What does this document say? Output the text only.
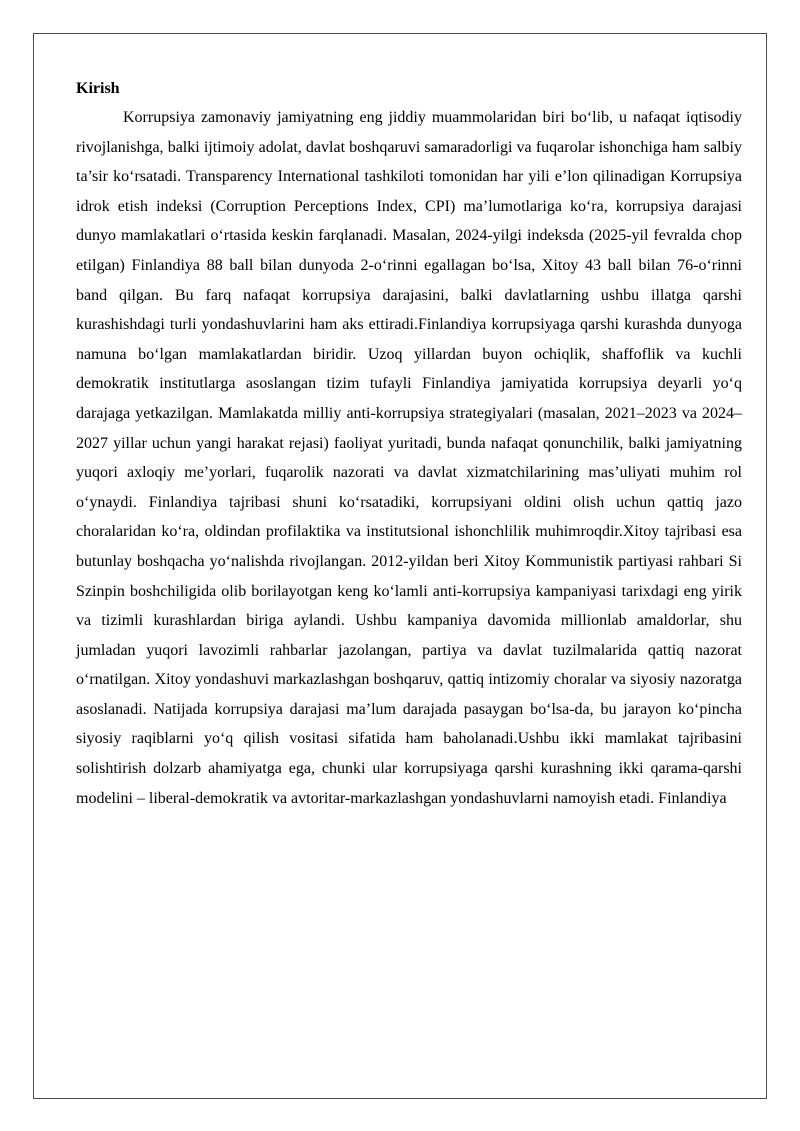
Kirish

Korrupsiya zamonaviy jamiyatning eng jiddiy muammolaridan biri bo‘lib, u nafaqat iqtisodiy rivojlanishga, balki ijtimoiy adolat, davlat boshqaruvi samaradorligi va fuqarolar ishonchiga ham salbiy ta’sir ko‘rsatadi. Transparency International tashkiloti tomonidan har yili e’lon qilinadigan Korrupsiya idrok etish indeksi (Corruption Perceptions Index, CPI) ma’lumotlariga ko‘ra, korrupsiya darajasi dunyo mamlakatlari o‘rtasida keskin farqlanadi. Masalan, 2024-yilgi indeksda (2025-yil fevralda chop etilgan) Finlandiya 88 ball bilan dunyoda 2-o‘rinni egallagan bo‘lsa, Xitoy 43 ball bilan 76-o‘rinni band qilgan. Bu farq nafaqat korrupsiya darajasini, balki davlatlarning ushbu illatga qarshi kurashishdagi turli yondashuvlarini ham aks ettiradi.Finlandiya korrupsiyaga qarshi kurashda dunyoga namuna bo‘lgan mamlakatlardan biridir. Uzoq yillardan buyon ochiqlik, shaffoflik va kuchli demokratik institutlarga asoslangan tizim tufayli Finlandiya jamiyatida korrupsiya deyarli yo‘q darajaga yetkazilgan. Mamlakatda milliy anti-korrupsiya strategiyalari (masalan, 2021–2023 va 2024–2027 yillar uchun yangi harakat rejasi) faoliyat yuritadi, bunda nafaqat qonunchilik, balki jamiyatning yuqori axloqiy me’yorlari, fuqarolik nazorati va davlat xizmatchilarining mas’uliyati muhim rol o‘ynaydi. Finlandiya tajribasi shuni ko‘rsatadiki, korrupsiyani oldini olish uchun qattiq jazo choralaridan ko‘ra, oldindan profilaktika va institutsional ishonchlilik muhimroqdir.Xitoy tajribasi esa butunlay boshqacha yo‘nalishda rivojlangan. 2012-yildan beri Xitoy Kommunistik partiyasi rahbari Si Szinpin boshchiligida olib borilayotgan keng ko‘lamli anti-korrupsiya kampaniyasi tarixdagi eng yirik va tizimli kurashlardan biriga aylandi. Ushbu kampaniya davomida millionlab amaldorlar, shu jumladan yuqori lavozimli rahbarlar jazolangan, partiya va davlat tuzilmalarida qattiq nazorat o‘rnatilgan. Xitoy yondashuvi markazlashgan boshqaruv, qattiq intizomiy choralar va siyosiy nazoratga asoslanadi. Natijada korrupsiya darajasi ma’lum darajada pasaygan bo‘lsa-da, bu jarayon ko‘pincha siyosiy raqiblarni yo‘q qilish vositasi sifatida ham baholanadi.Ushbu ikki mamlakat tajribasini solishtirish dolzarb ahamiyatga ega, chunki ular korrupsiyaga qarshi kurashning ikki qarama-qarshi modelini – liberal-demokratik va avtoritar-markazlashgan yondashuvlarni namoyish etadi. Finlandiya
